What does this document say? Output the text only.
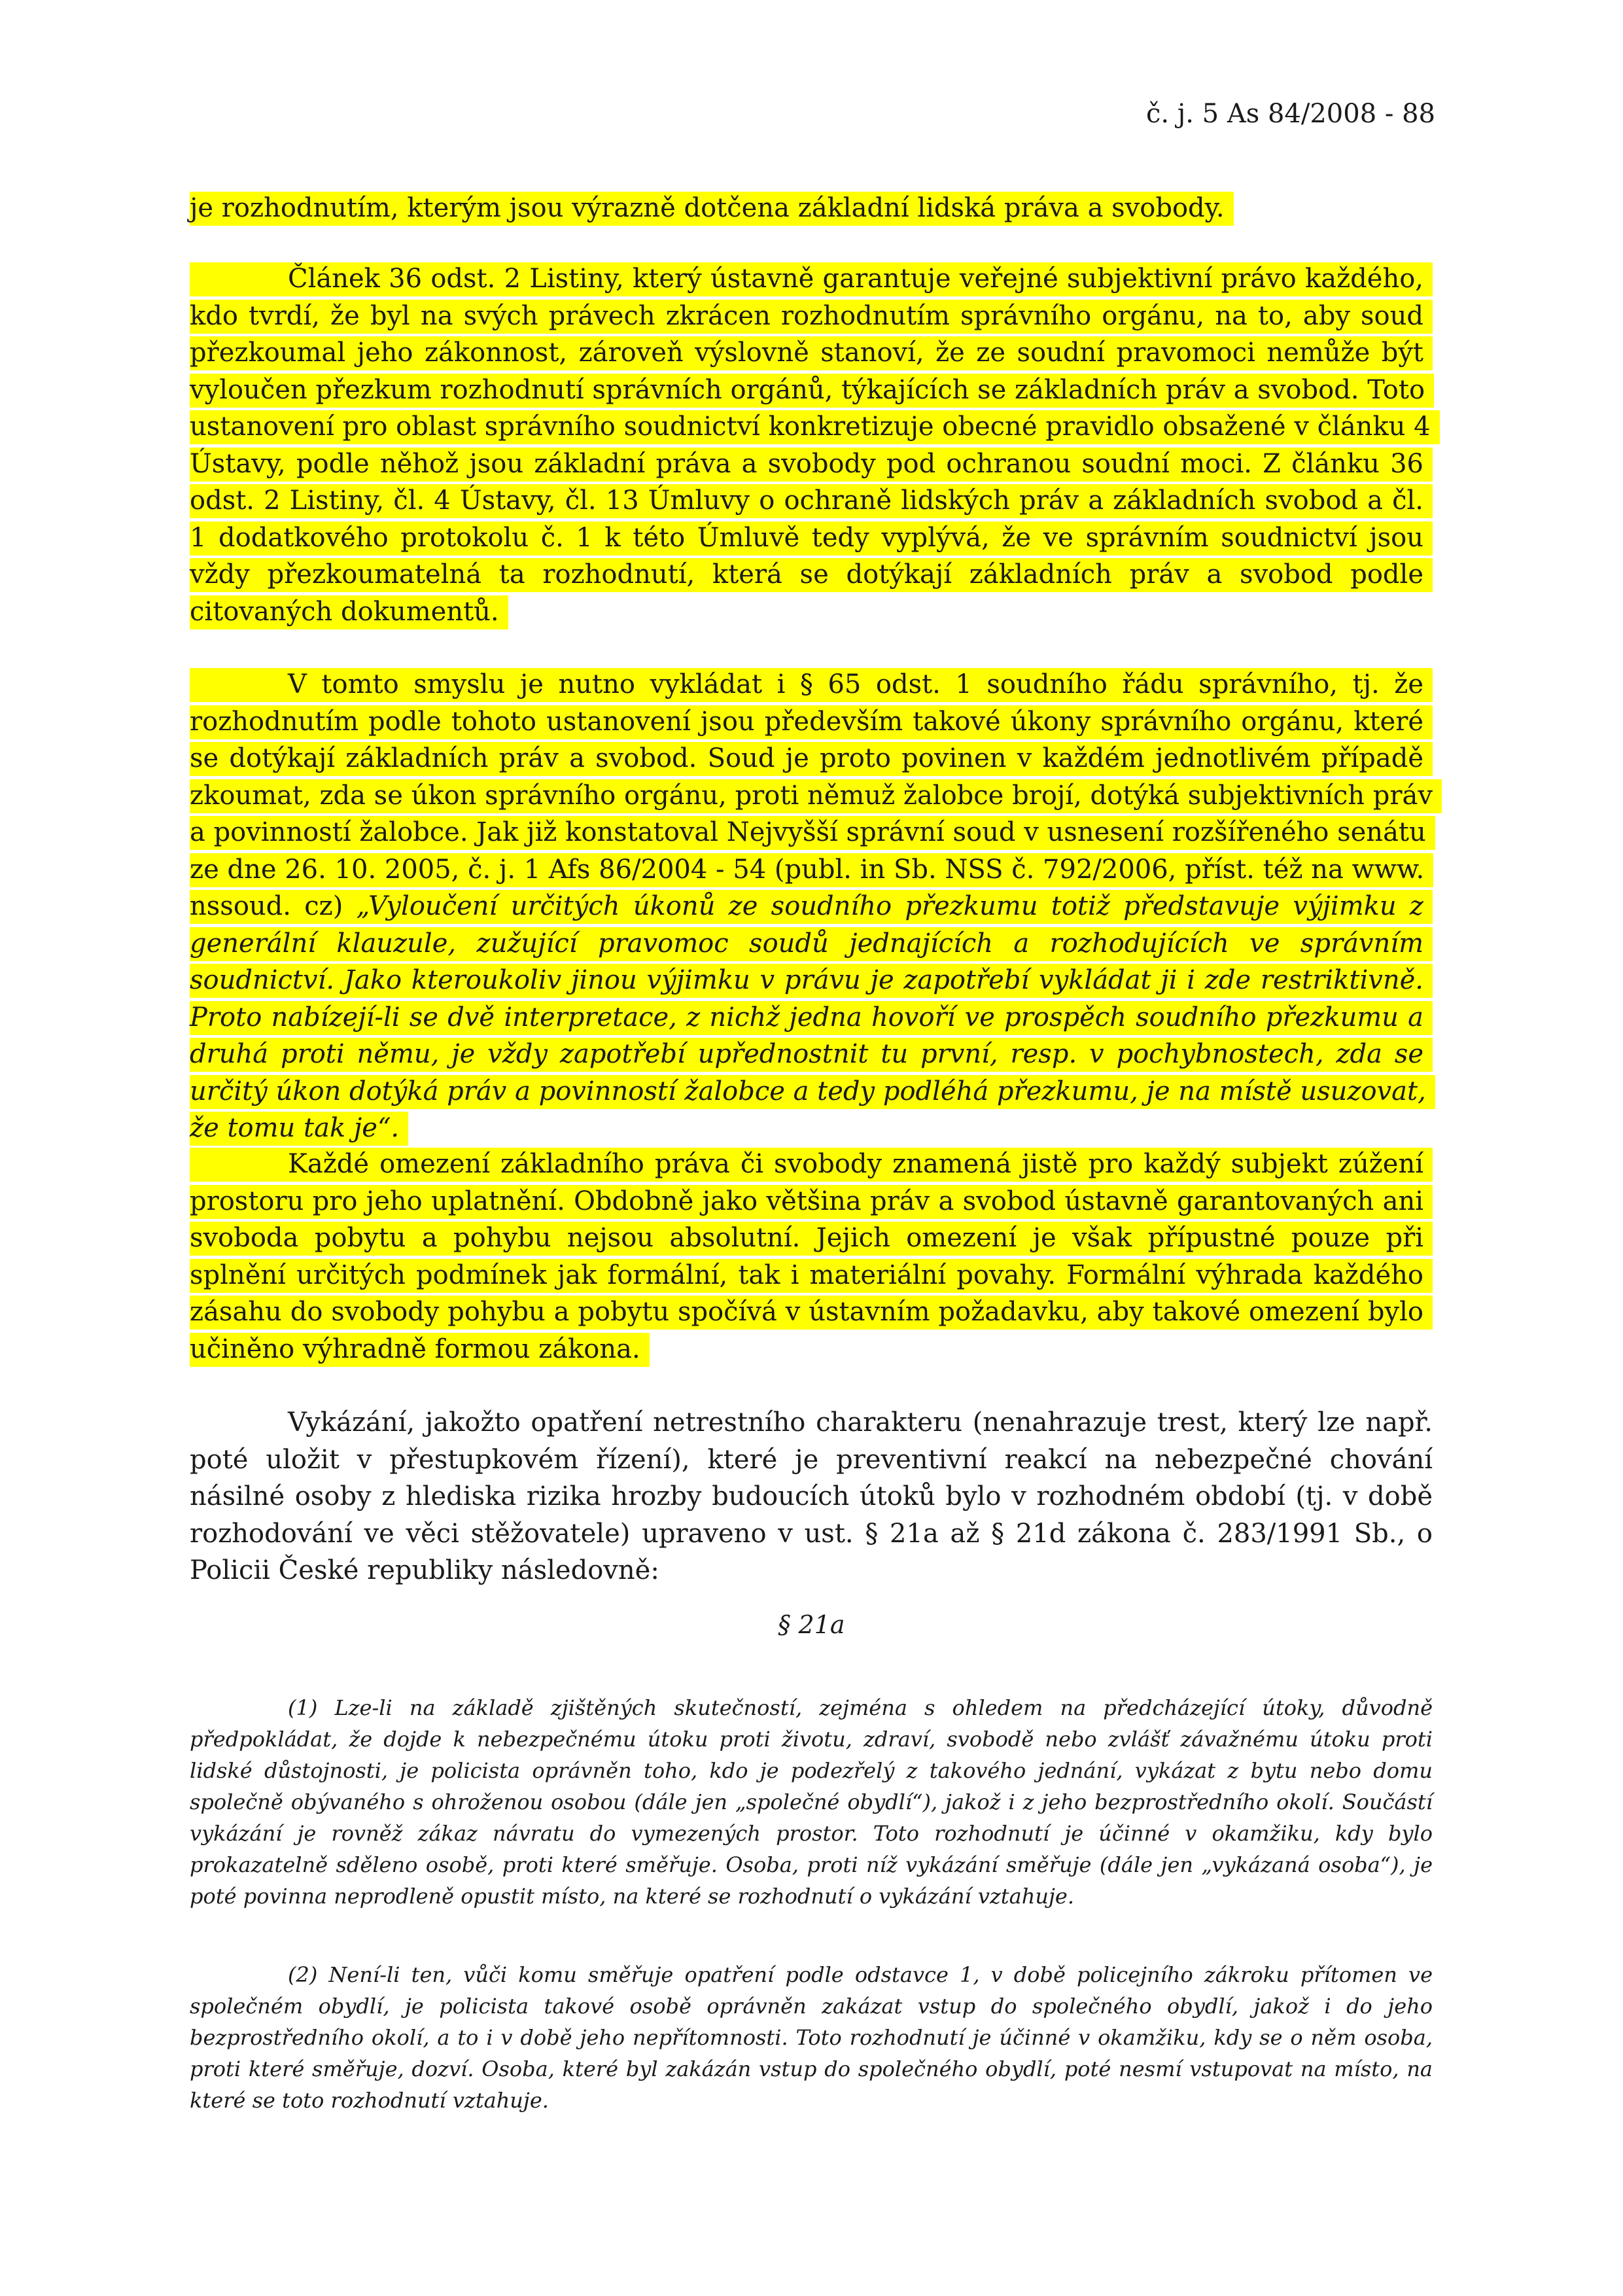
č. j. 5 As 84/2008 - 88

je rozhodnutím, kterým jsou výrazně dotčena základní lidská práva a svobody.

Článek 36 odst. 2 Listiny, který ústavně garantuje veřejné subjektivní právo každého, kdo tvrdí, že byl na svých právech zkrácen rozhodnutím správního orgánu, na to, aby soud přezkoumal jeho zákonnost, zároveň výslovně stanoví, že ze soudní pravomoci nemůže být vyloučen přezkum rozhodnutí správních orgánů, týkajících se základních práv a svobod. Toto ustanovení pro oblast správního soudnictví konkretizuje obecné pravidlo obsažené v článku 4 Ústavy, podle něhož jsou základní práva a svobody pod ochranou soudní moci. Z článku 36 odst. 2 Listiny, čl. 4 Ústavy, čl. 13 Úmluvy o ochraně lidských práv a základních svobod a čl. 1 dodatkového protokolu č. 1 k této Úmluvě tedy vyplývá, že ve správním soudnictví jsou vždy přezkoumatelná ta rozhodnutí, která se dotýkají základních práv a svobod podle citovaných dokumentů.

V tomto smyslu je nutno vykládat i § 65 odst. 1 soudního řádu správního, tj. že rozhodnutím podle tohoto ustanovení jsou především takové úkony správního orgánu, které se dotýkají základních práv a svobod. Soud je proto povinen v každém jednotlivém případě zkoumat, zda se úkon správního orgánu, proti němuž žalobce brojí, dotýká subjektivních práv a povinností žalobce. Jak již konstatoval Nejvyšší správní soud v usnesení rozšířeného senátu ze dne 26. 10. 2005, č. j. 1 Afs 86/2004 - 54 (publ. in Sb. NSS č. 792/2006, příst. též na www. nssoud. cz) „Vyloučení určitých úkonů ze soudního přezkumu totiž představuje výjimku z generální klauzule, zužující pravomoc soudů jednajících a rozhodujících ve správním soudnictví. Jako kteroukoliv jinou výjimku v právu je zapotřebí vykládat ji i zde restriktivně. Proto nabízejí-li se dvě interpretace, z nichž jedna hovoří ve prospěch soudního přezkumu a druhá proti němu, je vždy zapotřebí upřednostnit tu první, resp. v pochybnostech, zda se určitý úkon dotýká práv a povinností žalobce a tedy podléhá přezkumu, je na místě usuzovat, že tomu tak je“.

Každé omezení základního práva či svobody znamená jistě pro každý subjekt zúžení prostoru pro jeho uplatnění. Obdobně jako většina práv a svobod ústavně garantovaných ani svoboda pobytu a pohybu nejsou absolutní. Jejich omezení je však přípustné pouze při splnění určitých podmínek jak formální, tak i materiální povahy. Formální výhrada každého zásahu do svobody pohybu a pobytu spočívá v ústavním požadavku, aby takové omezení bylo učiněno výhradně formou zákona.

Vykázání, jakožto opatření netrestního charakteru (nenahrazuje trest, který lze např. poté uložit v přestupkovém řízení), které je preventivní reakcí na nebezpečné chování násilné osoby z hlediska rizika hrozby budoucích útoků bylo v rozhodném období (tj. v době rozhodování ve věci stěžovatele) upraveno v ust. § 21a až § 21d zákona č. 283/1991 Sb., o Policii České republiky následovně:

§ 21a

(1) Lze-li na základě zjištěných skutečností, zejména s ohledem na předcházející útoky, důvodně předpokládat, že dojde k nebezpečnému útoku proti životu, zdraví, svobodě nebo zvlášť závažnému útoku proti lidské důstojnosti, je policista oprávněn toho, kdo je podezřelý z takového jednání, vykázat z bytu nebo domu společně obývaného s ohroženou osobou (dále jen „společné obydlí“), jakož i z jeho bezprostředního okolí. Součástí vykázání je rovněž zákaz návratu do vymezených prostor. Toto rozhodnutí je účinné v okamžiku, kdy bylo prokazatelně sděleno osobě, proti které směřuje. Osoba, proti níž vykázání směřuje (dále jen „vykázaná osoba“), je poté povinna neprodleně opustit místo, na které se rozhodnutí o vykázání vztahuje.

(2) Není-li ten, vůči komu směřuje opatření podle odstavce 1, v době policejního zákroku přítomen ve společném obydlí, je policista takové osobě oprávněn zakázat vstup do společného obydlí, jakož i do jeho bezprostředního okolí, a to i v době jeho nepřítomnosti. Toto rozhodnutí je účinné v okamžiku, kdy se o něm osoba, proti které směřuje, dozví. Osoba, které byl zakázán vstup do společného obydlí, poté nesmí vstupovat na místo, na které se toto rozhodnutí vztahuje.
